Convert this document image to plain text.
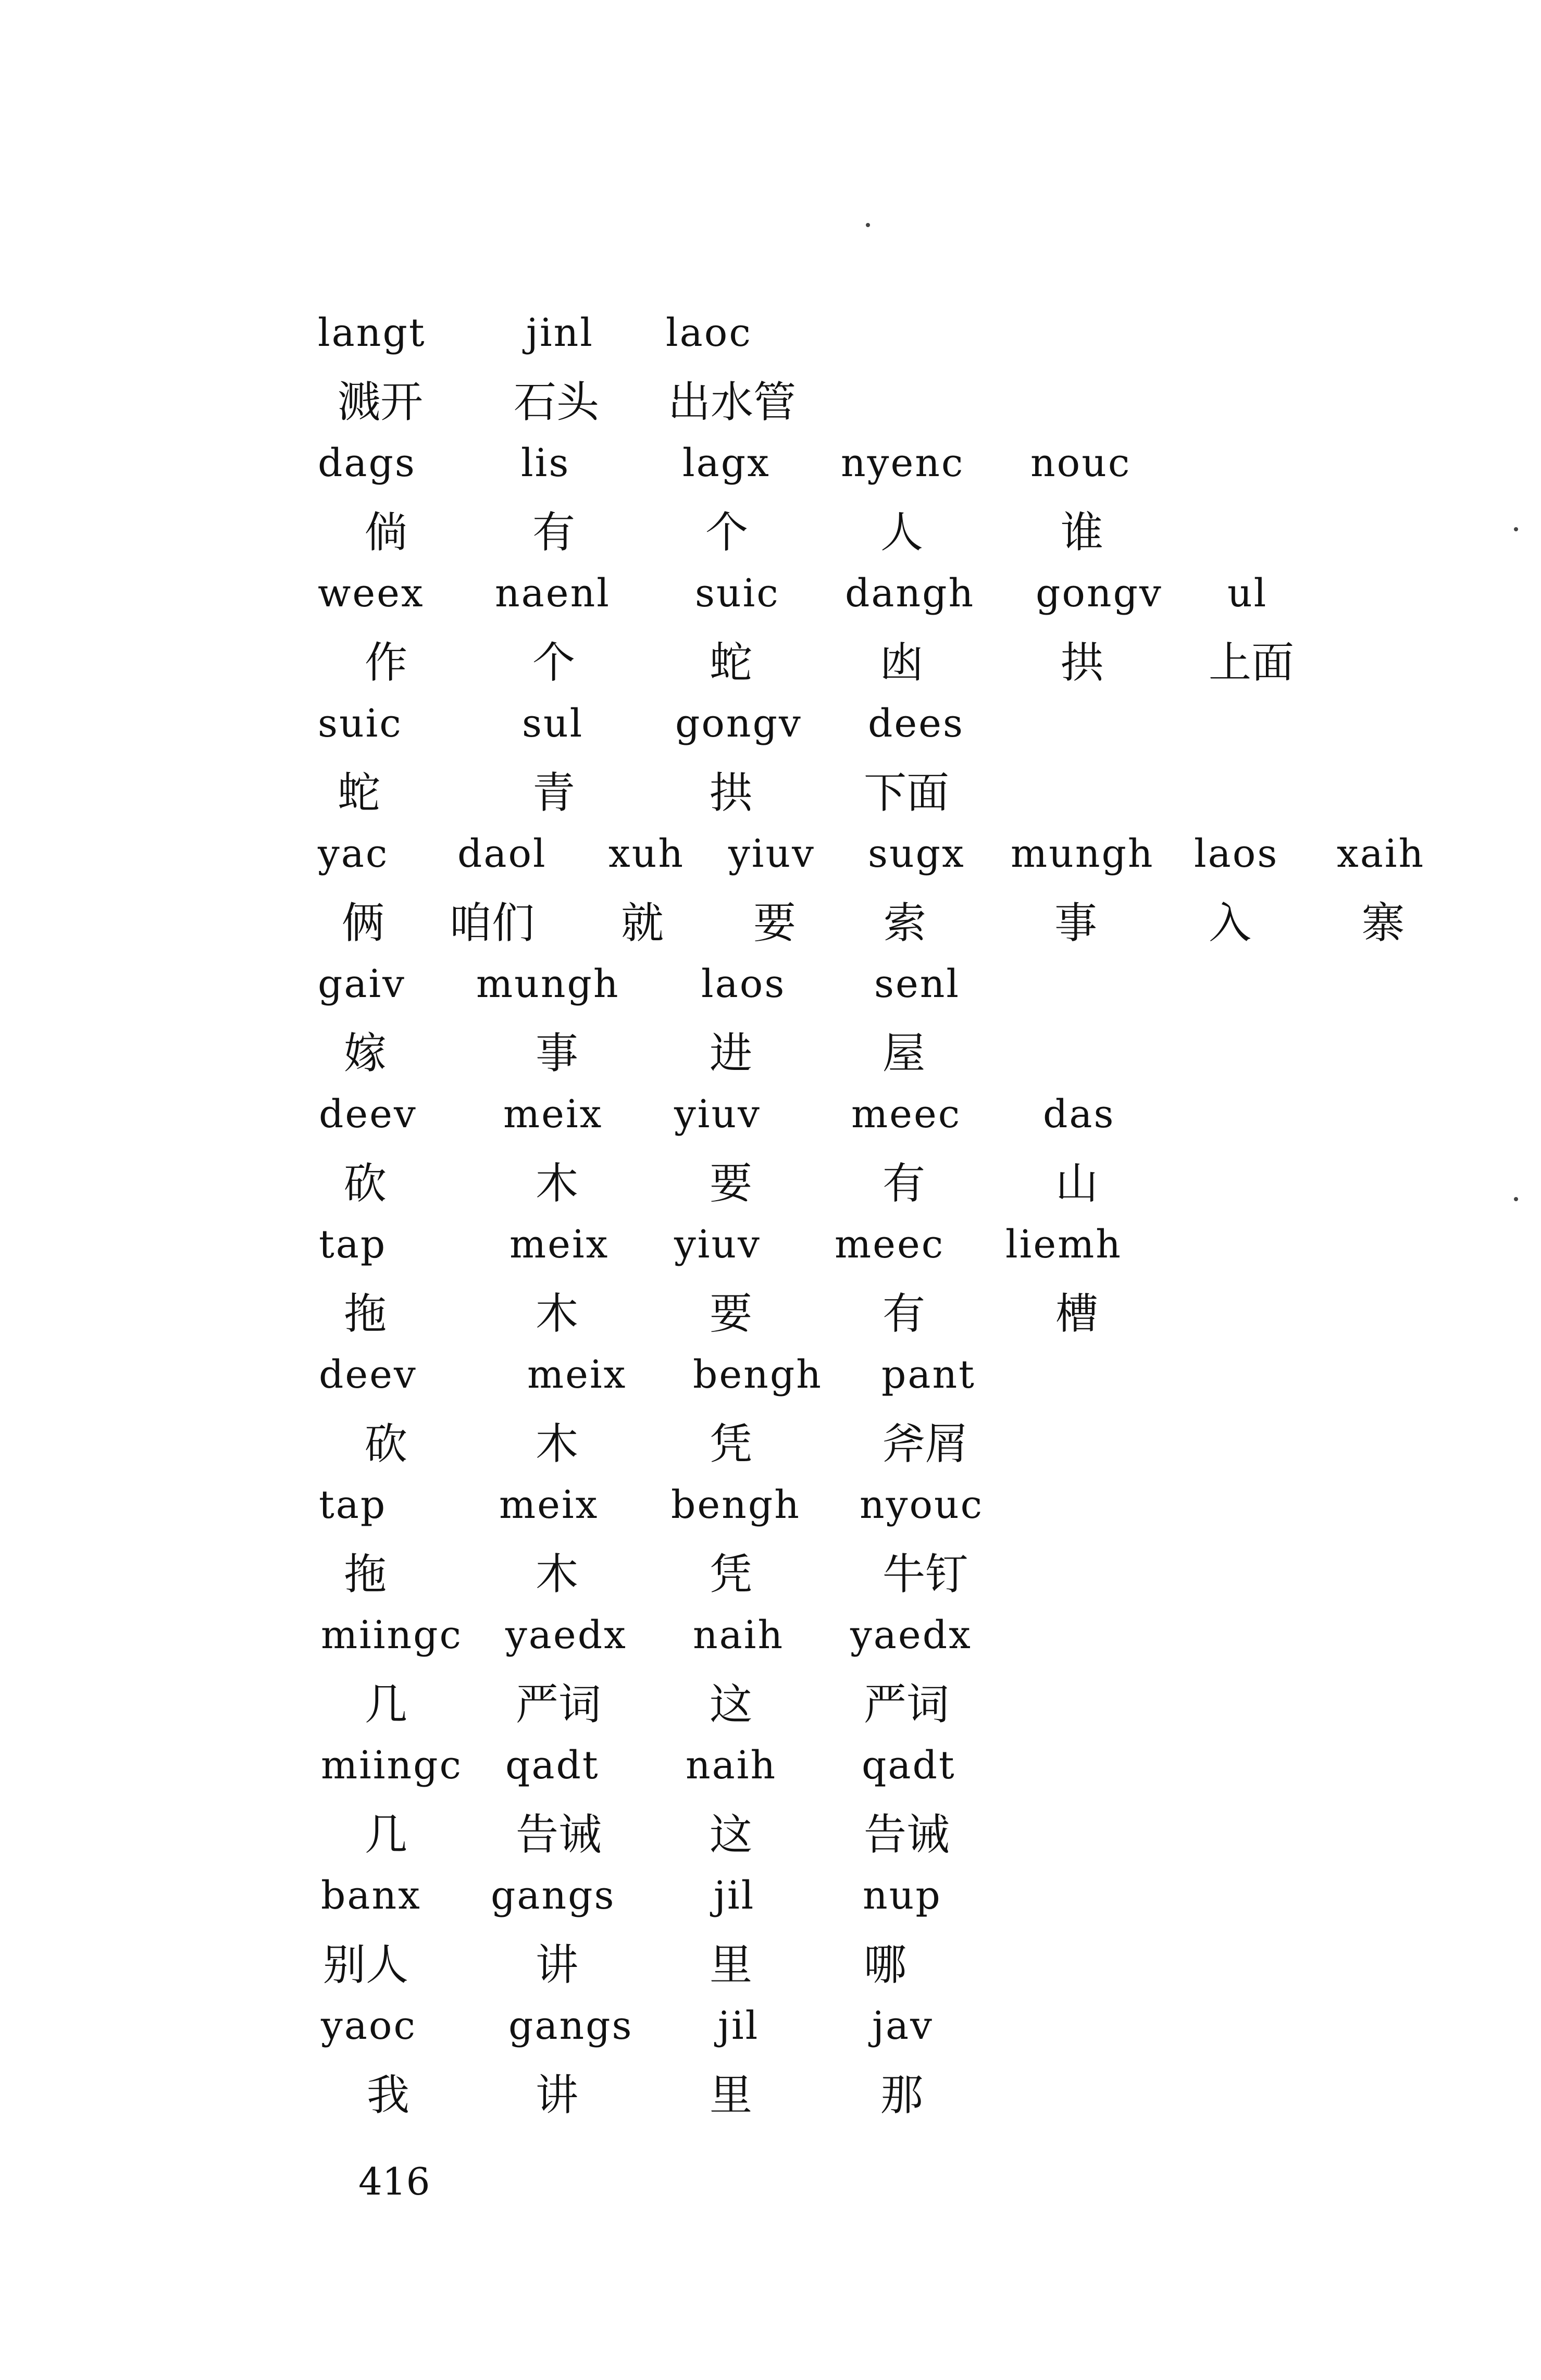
langt	jinl laoc
溅开 石头 出水管
dags	lis	lagx nyenc nouc
倘	有	个	人	谁
weex naenl suic dangh gongv ul
作	个	蛇	凼	拱 上面
suic	sul gongv dees
蛇	青	拱	下面
yac daol xuh yiuv sugx mungh laos xaih
俩 咱们 就 要 索	事	入	寨
gaiv mungh laos senl
嫁	事	进	屋
deev meix yiuv meec das
砍	木	要	有	山
tap	meix yiuv meec liemh
拖	木	要	有	槽
deev	meix bengh pant
砍	木	凭	斧屑
tap	meix bengh nyouc
拖	木	凭	牛钉
miingc yaedx naih yaedx
几	严词	这	严词
miingc qadt naih qadt
几	告诫	这	告诫
banx gangs	jil	nup
别人	讲	里	哪
yaoc gangs jil	jav
我	讲	里	那
416
